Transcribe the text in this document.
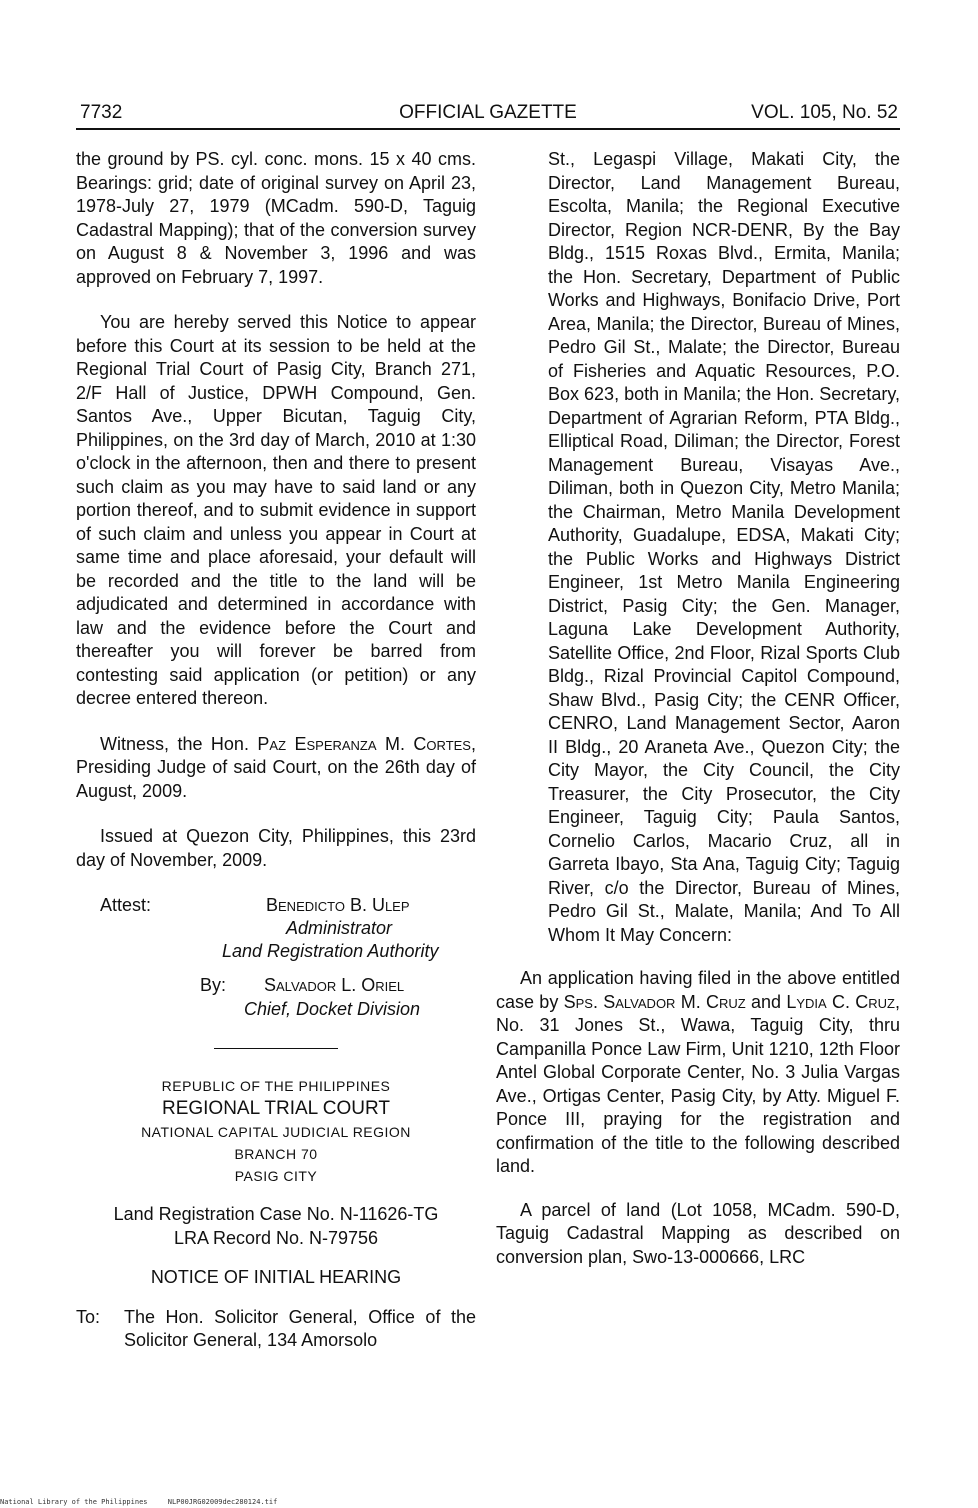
7732	OFFICIAL GAZETTE	VOL. 105, No. 52

the ground by PS. cyl. conc. mons. 15 x 40 cms. Bearings: grid; date of original survey on April 23, 1978-July 27, 1979 (MCadm. 590-D, Taguig Cadastral Mapping); that of the conversion survey on August 8 & November 3, 1996 and was approved on February 7, 1997.

You are hereby served this Notice to appear before this Court at its session to be held at the Regional Trial Court of Pasig City, Branch 271, 2/F Hall of Justice, DPWH Compound, Gen. Santos Ave., Upper Bicutan, Taguig City, Philippines, on the 3rd day of March, 2010 at 1:30 o'clock in the afternoon, then and there to present such claim as you may have to said land or any portion thereof, and to submit evidence in support of such claim and unless you appear in Court at same time and place aforesaid, your default will be recorded and the title to the land will be adjudicated and determined in accordance with law and the evidence before the Court and thereafter you will forever be barred from contesting said application (or petition) or any decree entered thereon.

Witness, the Hon. Paz Esperanza M. Cortes, Presiding Judge of said Court, on the 26th day of August, 2009.

Issued at Quezon City, Philippines, this 23rd day of November, 2009.

Attest:	Benedicto B. Ulep
Administrator
Land Registration Authority
By: Salvador L. Oriel
Chief, Docket Division
REPUBLIC OF THE PHILIPPINES
REGIONAL TRIAL COURT
NATIONAL CAPITAL JUDICIAL REGION
BRANCH 70
PASIG CITY
Land Registration Case No. N-11626-TG
LRA Record No. N-79756
NOTICE OF INITIAL HEARING
To: The Hon. Solicitor General, Office of the Solicitor General, 134 Amorsolo

St., Legaspi Village, Makati City, the Director, Land Management Bureau, Escolta, Manila; the Regional Executive Director, Region NCR-DENR, By the Bay Bldg., 1515 Roxas Blvd., Ermita, Manila; the Hon. Secretary, Department of Public Works and Highways, Bonifacio Drive, Port Area, Manila; the Director, Bureau of Mines, Pedro Gil St., Malate; the Director, Bureau of Fisheries and Aquatic Resources, P.O. Box 623, both in Manila; the Hon. Secretary, Department of Agrarian Reform, PTA Bldg., Elliptical Road, Diliman; the Director, Forest Management Bureau, Visayas Ave., Diliman, both in Quezon City, Metro Manila; the Chairman, Metro Manila Development Authority, Guadalupe, EDSA, Makati City; the Public Works and Highways District Engineer, 1st Metro Manila Engineering District, Pasig City; the Gen. Manager, Laguna Lake Development Authority, Satellite Office, 2nd Floor, Rizal Sports Club Bldg., Rizal Provincial Capitol Compound, Shaw Blvd., Pasig City; the CENR Officer, CENRO, Land Management Sector, Aaron II Bldg., 20 Araneta Ave., Quezon City; the City Mayor, the City Council, the City Treasurer, the City Prosecutor, the City Engineer, Taguig City; Paula Santos, Cornelio Carlos, Macario Cruz, all in Garreta Ibayo, Sta Ana, Taguig City; Taguig River, c/o the Director, Bureau of Mines, Pedro Gil St., Malate, Manila; And To All Whom It May Concern:

An application having filed in the above entitled case by Sps. Salvador M. Cruz and Lydia C. Cruz, No. 31 Jones St., Wawa, Taguig City, thru Campanilla Ponce Law Firm, Unit 1210, 12th Floor Antel Global Corporate Center, No. 3 Julia Vargas Ave., Ortigas Center, Pasig City, by Atty. Miguel F. Ponce III, praying for the registration and confirmation of the title to the following described land.

A parcel of land (Lot 1058, MCadm. 590-D, Taguig Cadastral Mapping as described on conversion plan, Swo-13-000666, LRC

National Library of the Philippines	NLP00JRG02009dec280124.tif
